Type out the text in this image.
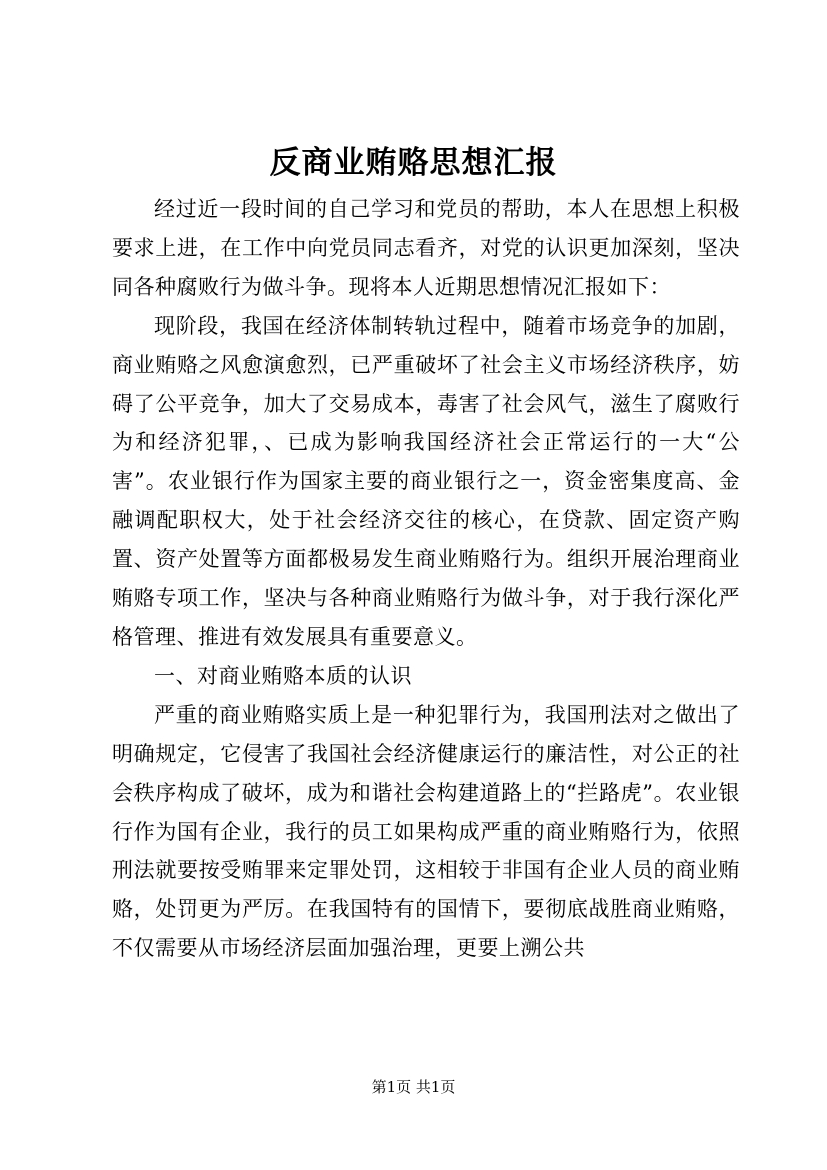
反商业贿赂思想汇报

经过近一段时间的自己学习和党员的帮助，本人在思想上积极要求上进，在工作中向党员同志看齐，对党的认识更加深刻，坚决同各种腐败行为做斗争。现将本人近期思想情况汇报如下：

现阶段，我国在经济体制转轨过程中，随着市场竞争的加剧，商业贿赂之风愈演愈烈，已严重破坏了社会主义市场经济秩序，妨碍了公平竞争，加大了交易成本，毒害了社会风气，滋生了腐败行为和经济犯罪，、已成为影响我国经济社会正常运行的一大“公害”。农业银行作为国家主要的商业银行之一，资金密集度高、金融调配职权大，处于社会经济交往的核心，在贷款、固定资产购置、资产处置等方面都极易发生商业贿赂行为。组织开展治理商业贿赂专项工作，坚决与各种商业贿赂行为做斗争，对于我行深化严格管理、推进有效发展具有重要意义。

一、对商业贿赂本质的认识

严重的商业贿赂实质上是一种犯罪行为，我国刑法对之做出了明确规定，它侵害了我国社会经济健康运行的廉洁性，对公正的社会秩序构成了破坏，成为和谐社会构建道路上的“拦路虎”。农业银行作为国有企业，我行的员工如果构成严重的商业贿赂行为，依照刑法就要按受贿罪来定罪处罚，这相较于非国有企业人员的商业贿赂，处罚更为严厉。在我国特有的国情下，要彻底战胜商业贿赂，不仅需要从市场经济层面加强治理，更要上溯公共

第1页 共1页
